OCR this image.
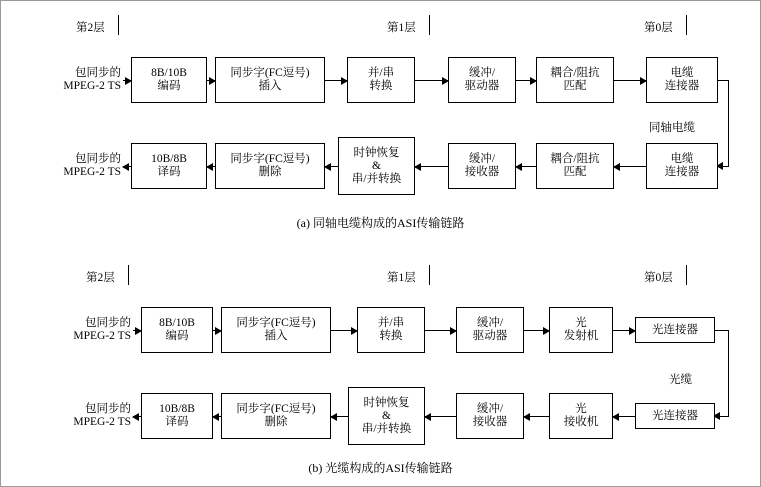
第2层	第1层	第0层
包同步的
MPEG-2 TS
8B/10B
编码
同步字(FC逗号)
插入
并/串
转换
缓冲/
驱动器
耦合/阻抗
匹配
电缆
连接器
同轴电缆
电缆
连接器
耦合/阻抗
匹配
缓冲/
接收器
时钟恢复
&
串/并转换
同步字(FC逗号)
删除
10B/8B
译码
包同步的
MPEG-2 TS
(a) 同轴电缆构成的ASI传输链路
第2层	第1层	第0层
包同步的
MPEG-2 TS
8B/10B
编码
同步字(FC逗号)
插入
并/串
转换
缓冲/
驱动器
光
发射机
光连接器
光缆
光连接器
光
接收机
缓冲/
接收器
时钟恢复
&
串/并转换
同步字(FC逗号)
删除
10B/8B
译码
包同步的
MPEG-2 TS
(b) 光缆构成的ASI传输链路
